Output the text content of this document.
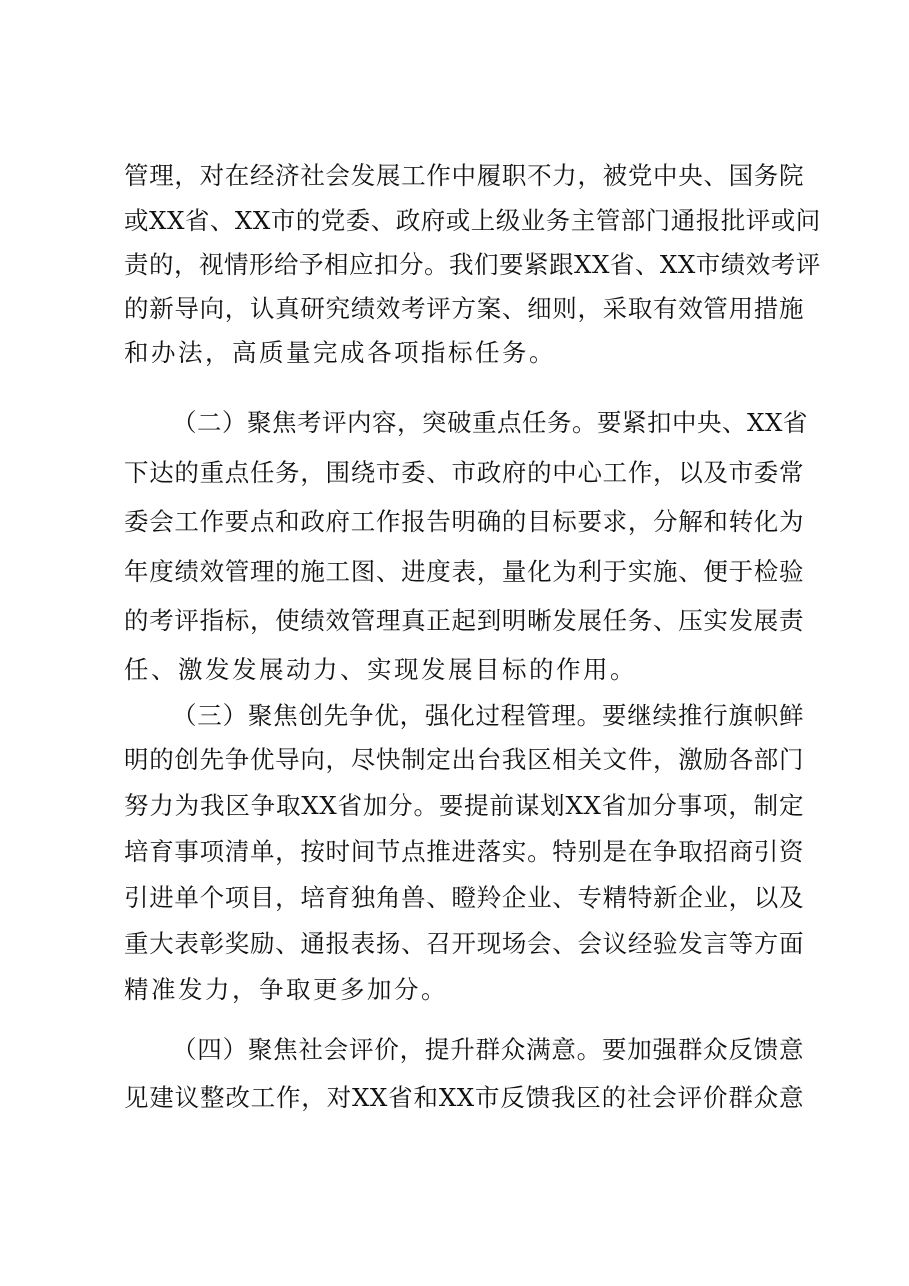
管理，对在经济社会发展工作中履职不力，被党中央、国务院
或XX省、XX市的党委、政府或上级业务主管部门通报批评或问
责的，视情形给予相应扣分。我们要紧跟XX省、XX市绩效考评
的新导向，认真研究绩效考评方案、细则，采取有效管用措施
和办法，高质量完成各项指标任务。
（二）聚焦考评内容，突破重点任务。要紧扣中央、XX省
下达的重点任务，围绕市委、市政府的中心工作，以及市委常
委会工作要点和政府工作报告明确的目标要求，分解和转化为
年度绩效管理的施工图、进度表，量化为利于实施、便于检验
的考评指标，使绩效管理真正起到明晰发展任务、压实发展责
任、激发发展动力、实现发展目标的作用。
（三）聚焦创先争优，强化过程管理。要继续推行旗帜鲜
明的创先争优导向，尽快制定出台我区相关文件，激励各部门
努力为我区争取XX省加分。要提前谋划XX省加分事项，制定
培育事项清单，按时间节点推进落实。特别是在争取招商引资
引进单个项目，培育独角兽、瞪羚企业、专精特新企业，以及
重大表彰奖励、通报表扬、召开现场会、会议经验发言等方面
精准发力，争取更多加分。
（四）聚焦社会评价，提升群众满意。要加强群众反馈意
见建议整改工作，对XX省和XX市反馈我区的社会评价群众意
